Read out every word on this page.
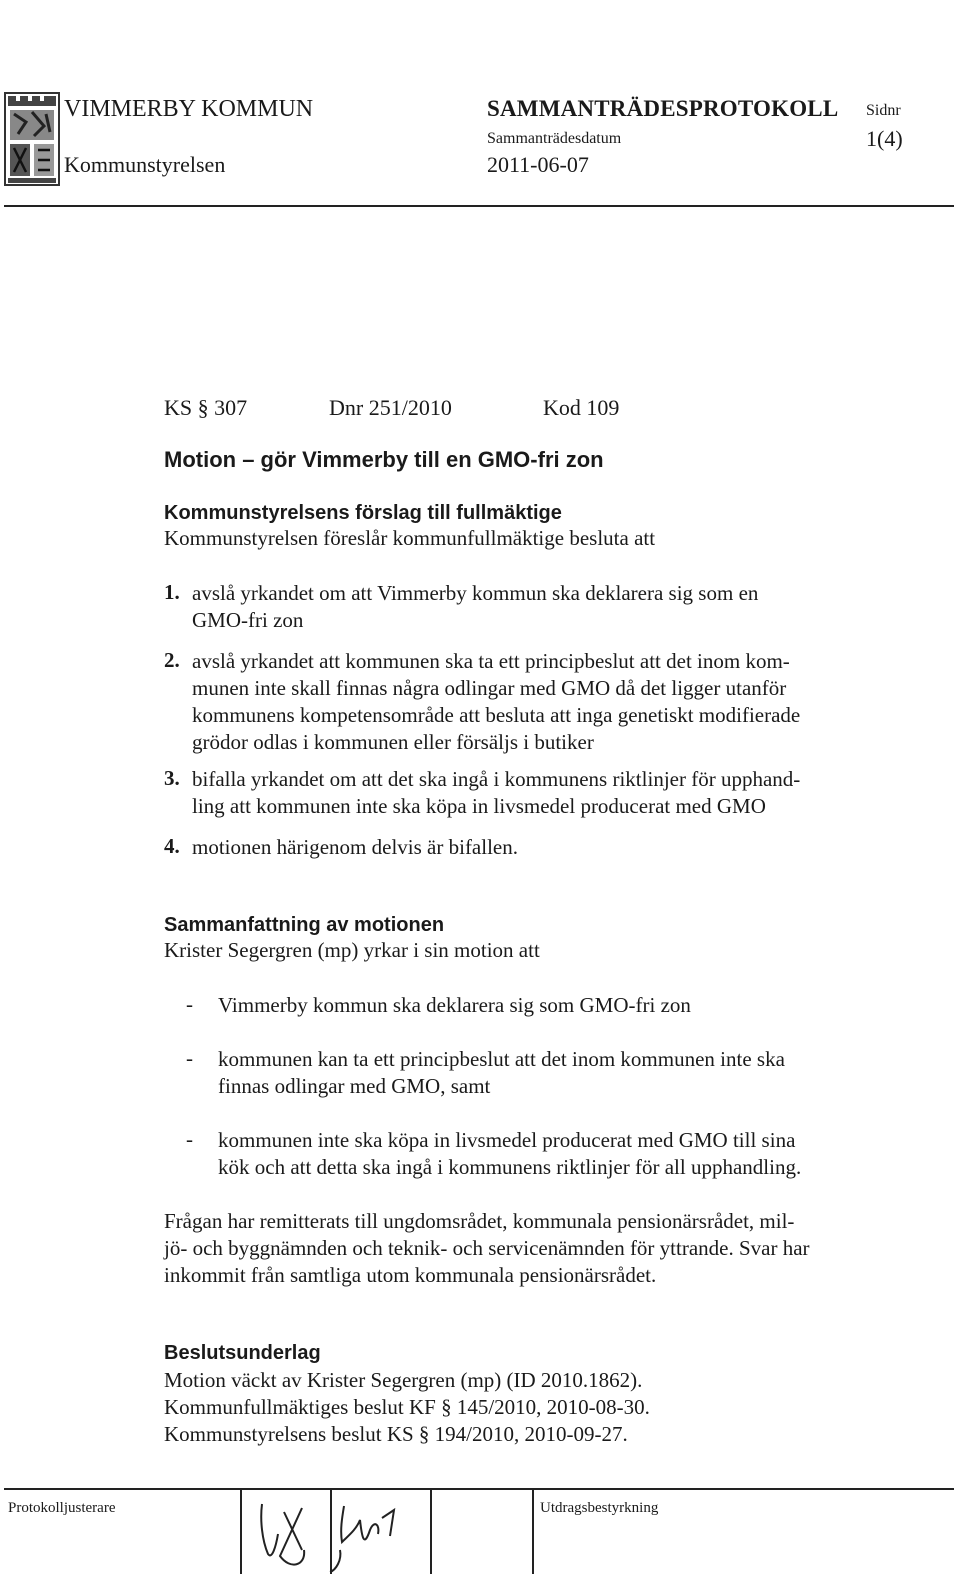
VIMMERBY KOMMUN
Kommunstyrelsen
SAMMANTRÄDESPROTOKOLL
Sammanträdesdatum
2011-06-07
Sidnr
1(4)
KS § 307	Dnr 251/2010	Kod 109
Motion – gör Vimmerby till en GMO-fri zon
Kommunstyrelsens förslag till fullmäktige
Kommunstyrelsen föreslår kommunfullmäktige besluta att
1. avslå yrkandet om att Vimmerby kommun ska deklarera sig som en
GMO-fri zon
2. avslå yrkandet att kommunen ska ta ett principbeslut att det inom kom-
munen inte skall finnas några odlingar med GMO då det ligger utanför
kommunens kompetensområde att besluta att inga genetiskt modifierade
grödor odlas i kommunen eller försäljs i butiker
3. bifalla yrkandet om att det ska ingå i kommunens riktlinjer för upphand-
ling att kommunen inte ska köpa in livsmedel producerat med GMO
4. motionen härigenom delvis är bifallen.
Sammanfattning av motionen
Krister Segergren (mp) yrkar i sin motion att
- Vimmerby kommun ska deklarera sig som GMO-fri zon
- kommunen kan ta ett principbeslut att det inom kommunen inte ska
finnas odlingar med GMO, samt
- kommunen inte ska köpa in livsmedel producerat med GMO till sina
kök och att detta ska ingå i kommunens riktlinjer för all upphandling.
Frågan har remitterats till ungdomsrådet, kommunala pensionärsrådet, mil-
jö- och byggnämnden och teknik- och servicenämnden för yttrande. Svar har
inkommit från samtliga utom kommunala pensionärsrådet.
Beslutsunderlag
Motion väckt av Krister Segergren (mp) (ID 2010.1862).
Kommunfullmäktiges beslut KF § 145/2010, 2010-08-30.
Kommunstyrelsens beslut KS § 194/2010, 2010-09-27.
Protokolljusterare	Utdragsbestyrkning
